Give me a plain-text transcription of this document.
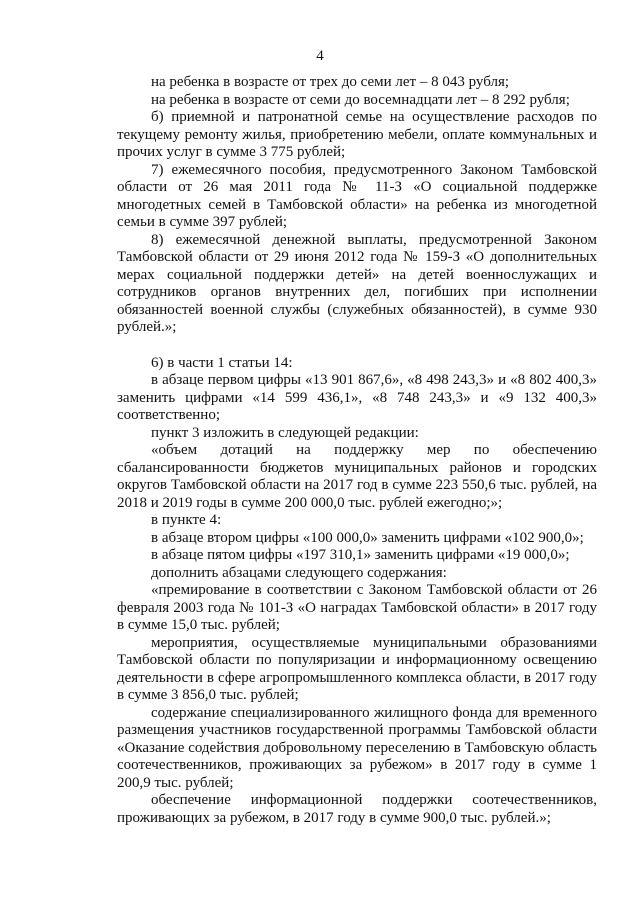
4

на ребенка в возрасте от трех до семи лет – 8 043 рубля;

на ребенка в возрасте от семи до восемнадцати лет – 8 292 рубля;

б) приемной и патронатной семье на осуществление расходов по текущему ремонту жилья, приобретению мебели, оплате коммунальных и прочих услуг в сумме 3 775 рублей;

7) ежемесячного пособия, предусмотренного Законом Тамбовской области от 26 мая 2011 года № 11-З «О социальной поддержке многодетных семей в Тамбовской области» на ребенка из многодетной семьи в сумме 397 рублей;

8) ежемесячной денежной выплаты, предусмотренной Законом Тамбовской области от 29 июня 2012 года № 159-З «О дополнительных мерах социальной поддержки детей» на детей военнослужащих и сотрудников органов внутренних дел, погибших при исполнении обязанностей военной службы (служебных обязанностей), в сумме 930 рублей.»;

6) в части 1 статьи 14:

в абзаце первом цифры «13 901 867,6», «8 498 243,3» и «8 802 400,3» заменить цифрами «14 599 436,1», «8 748 243,3» и «9 132 400,3» соответственно;

пункт 3 изложить в следующей редакции:

«объем дотаций на поддержку мер по обеспечению сбалансированности бюджетов муниципальных районов и городских округов Тамбовской области на 2017 год в сумме 223 550,6 тыс. рублей, на 2018 и 2019 годы в сумме 200 000,0 тыс. рублей ежегодно;»;

в пункте 4:

в абзаце втором цифры «100 000,0» заменить цифрами «102 900,0»;

в абзаце пятом цифры «197 310,1» заменить цифрами «19 000,0»;

дополнить абзацами следующего содержания:

«премирование в соответствии с Законом Тамбовской области от 26 февраля 2003 года № 101-З «О наградах Тамбовской области» в 2017 году в сумме 15,0 тыс. рублей;

мероприятия, осуществляемые муниципальными образованиями Тамбовской области по популяризации и информационному освещению деятельности в сфере агропромышленного комплекса области, в 2017 году в сумме 3 856,0 тыс. рублей;

содержание специализированного жилищного фонда для временного размещения участников государственной программы Тамбовской области «Оказание содействия добровольному переселению в Тамбовскую область соотечественников, проживающих за рубежом» в 2017 году в сумме 1 200,9 тыс. рублей;

обеспечение информационной поддержки соотечественников, проживающих за рубежом, в 2017 году в сумме 900,0 тыс. рублей.»;
